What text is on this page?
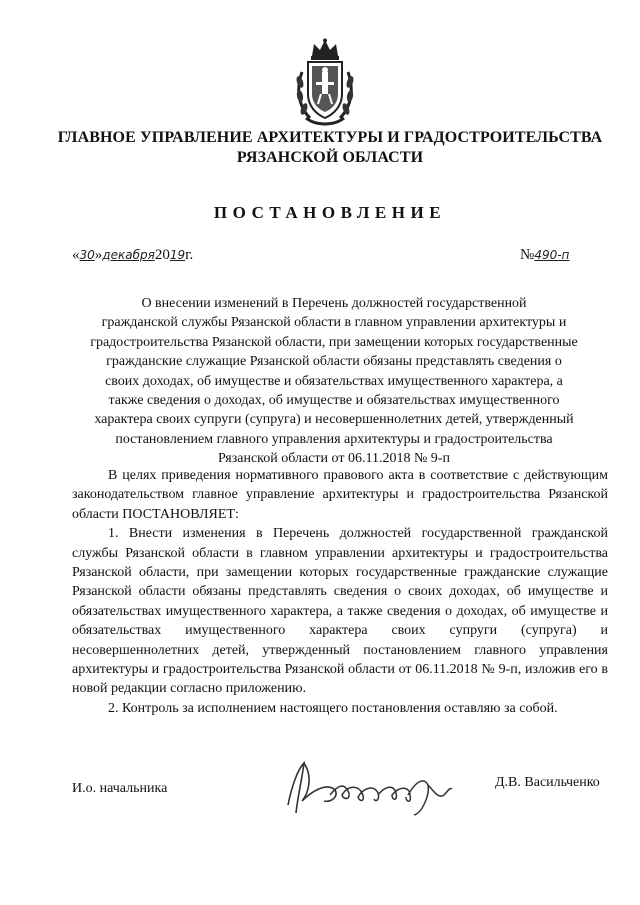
ГЛАВНОЕ УПРАВЛЕНИЕ АРХИТЕКТУРЫ И ГРАДОСТРОИТЕЛЬСТВА
РЯЗАНСКОЙ ОБЛАСТИ
ПОСТАНОВЛЕНИЕ
«30»декабря2019г.	№490-п
О внесении изменений в Перечень должностей государственной
гражданской службы Рязанской области в главном управлении архитектуры и
градостроительства Рязанской области, при замещении которых государственные
гражданские служащие Рязанской области обязаны представлять сведения о
своих доходах, об имуществе и обязательствах имущественного характера, а
также сведения о доходах, об имуществе и обязательствах имущественного
характера своих супруги (супруга) и несовершеннолетних детей, утвержденный
постановлением главного управления архитектуры и градостроительства
Рязанской области от 06.11.2018 № 9-п

В целях приведения нормативного правового акта в соответствие с действующим законодательством главное управление архитектуры и градостроительства Рязанской области ПОСТАНОВЛЯЕТ:

1. Внести изменения в Перечень должностей государственной гражданской службы Рязанской области в главном управлении архитектуры и градостроительства Рязанской области, при замещении которых государственные гражданские служащие Рязанской области обязаны представлять сведения о своих доходах, об имуществе и обязательствах имущественного характера, а также сведения о доходах, об имуществе и обязательствах имущественного характера своих супруги (супруга) и несовершеннолетних детей, утвержденный постановлением главного управления архитектуры и градостроительства Рязанской области от 06.11.2018 № 9-п, изложив его в новой редакции согласно приложению.

2. Контроль за исполнением настоящего постановления оставляю за собой.

И.о. начальника	Д.В. Васильченко
